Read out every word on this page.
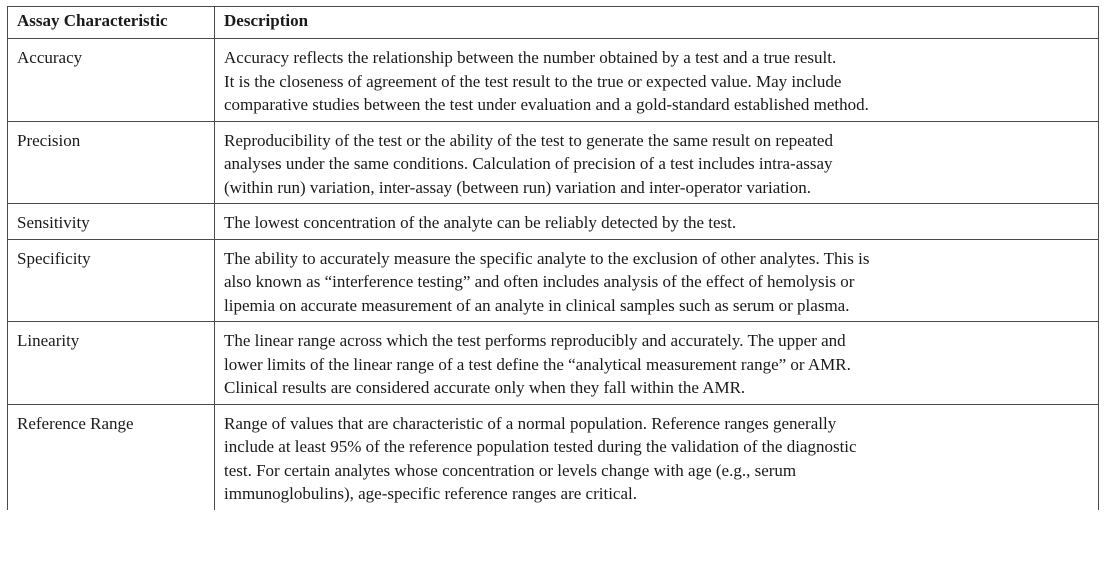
Assay Characteristic	Description
Accuracy	Accuracy reflects the relationship between the number obtained by a test and a true result.
It is the closeness of agreement of the test result to the true or expected value. May include
comparative studies between the test under evaluation and a gold-standard established method.

Precision	Reproducibility of the test or the ability of the test to generate the same result on repeated
analyses under the same conditions. Calculation of precision of a test includes intra-assay
(within run) variation, inter-assay (between run) variation and inter-operator variation.

Sensitivity	The lowest concentration of the analyte can be reliably detected by the test.

Specificity	The ability to accurately measure the specific analyte to the exclusion of other analytes. This is
also known as “interference testing” and often includes analysis of the effect of hemolysis or
lipemia on accurate measurement of an analyte in clinical samples such as serum or plasma.

Linearity	The linear range across which the test performs reproducibly and accurately. The upper and
lower limits of the linear range of a test define the “analytical measurement range” or AMR.
Clinical results are considered accurate only when they fall within the AMR.

Reference Range	Range of values that are characteristic of a normal population. Reference ranges generally
include at least 95% of the reference population tested during the validation of the diagnostic
test. For certain analytes whose concentration or levels change with age (e.g., serum
immunoglobulins), age-specific reference ranges are critical.
